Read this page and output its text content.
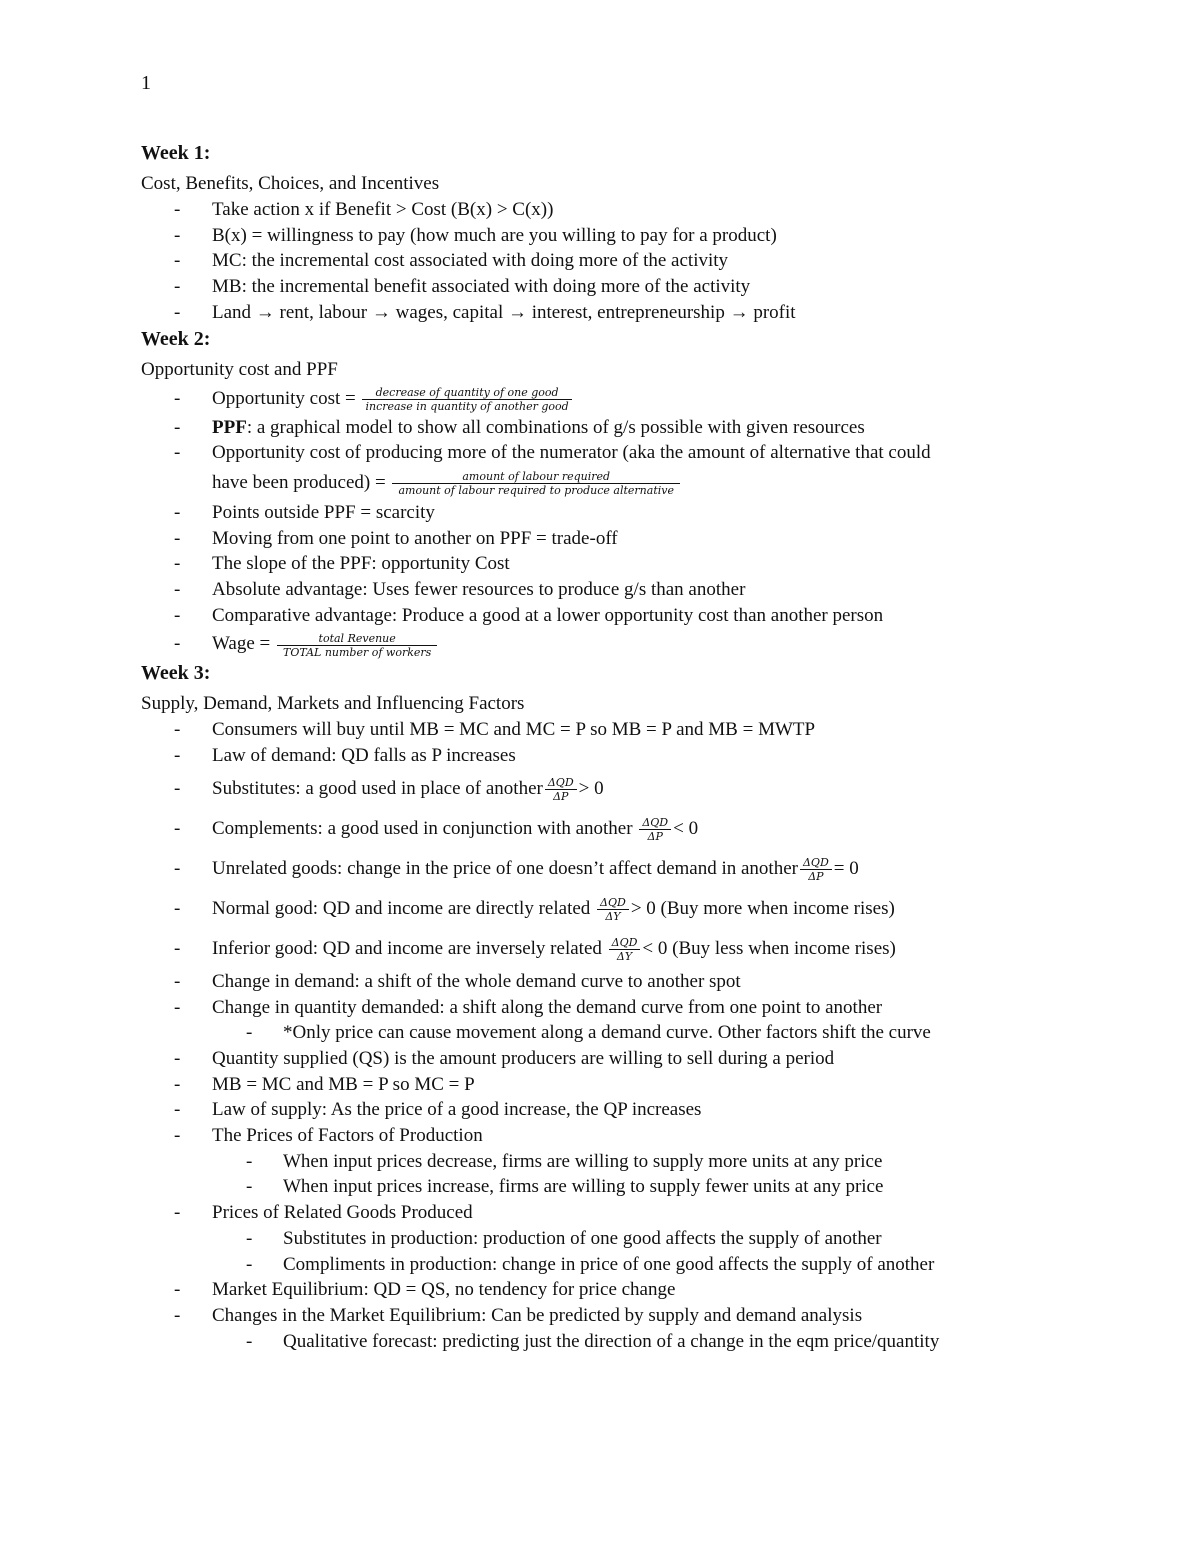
1
Week 1:
Cost, Benefits, Choices, and Incentives
- Take action x if Benefit > Cost (B(x) > C(x))
- B(x) = willingness to pay (how much are you willing to pay for a product)
- MC: the incremental cost associated with doing more of the activity
- MB: the incremental benefit associated with doing more of the activity
- Land → rent, labour → wages, capital → interest, entrepreneurship → profit
Week 2:
Opportunity cost and PPF
- Opportunity $\cos t = \frac{\text{decrease of quantity of one good}}{\text{increase in quantity of another good}}$
- PPF: a graphical model to show all combinations of g/s possible with given resources
- Opportunity cost of producing more of the numerator (aka the amount of alternative that could
have been produced) = $\frac{\text{amount of labour required}}{\text{amount of labour required to produce alternative}}$
- Points outside PPF = scarcity
- Moving from one point to another on PPF = trade-off
- The slope of the PPF: opportunity Cost
- Absolute advantage: Uses fewer resources to produce g/s than another
- Comparative advantage: Produce a good at a lower opportunity cost than another person
- Wage = $\frac{\text{total Revenue}}{\text{TOTAL number of workers}}$
Week 3:
Supply, Demand, Markets and Influencing Factors
- Consumers will buy until MB = MC and MC = P so MB = P and MB = MWTP
- Law of demand: QD falls as P increases
- Substitutes: a good used in place of another $\frac{\text{ΔQD}}{\Delta P} > 0$
- Complements: a good used in conjunction with another $\frac{\text{ΔQD}}{\Delta P} < 0$
- Unrelated goods: change in the price of one doesn’t affect demand in another $\frac{\text{ΔQD}}{\Delta P} = 0$
- Normal good: QD and income are directly related $\frac{\text{ΔQD}}{\Delta Y} > 0$ (Buy more when income rises)
- Inferior good: QD and income are inversely related $\frac{\text{ΔQD}}{\Delta Y} < 0$ (Buy less when income rises)
- Change in demand: a shift of the whole demand curve to another spot
- Change in quantity demanded: a shift along the demand curve from one point to another
- *Only price can cause movement along a demand curve. Other factors shift the curve
- Quantity supplied (QS) is the amount producers are willing to sell during a period
- MB = MC and MB = P so MC = P
- Law of supply: As the price of a good increase, the QP increases
- The Prices of Factors of Production
- When input prices decrease, firms are willing to supply more units at any price
- When input prices increase, firms are willing to supply fewer units at any price
- Prices of Related Goods Produced
- Substitutes in production: production of one good affects the supply of another
- Compliments in production: change in price of one good affects the supply of another
- Market Equilibrium: QD = QS, no tendency for price change
- Changes in the Market Equilibrium: Can be predicted by supply and demand analysis
- Qualitative forecast: predicting just the direction of a change in the eqm price/quantity
